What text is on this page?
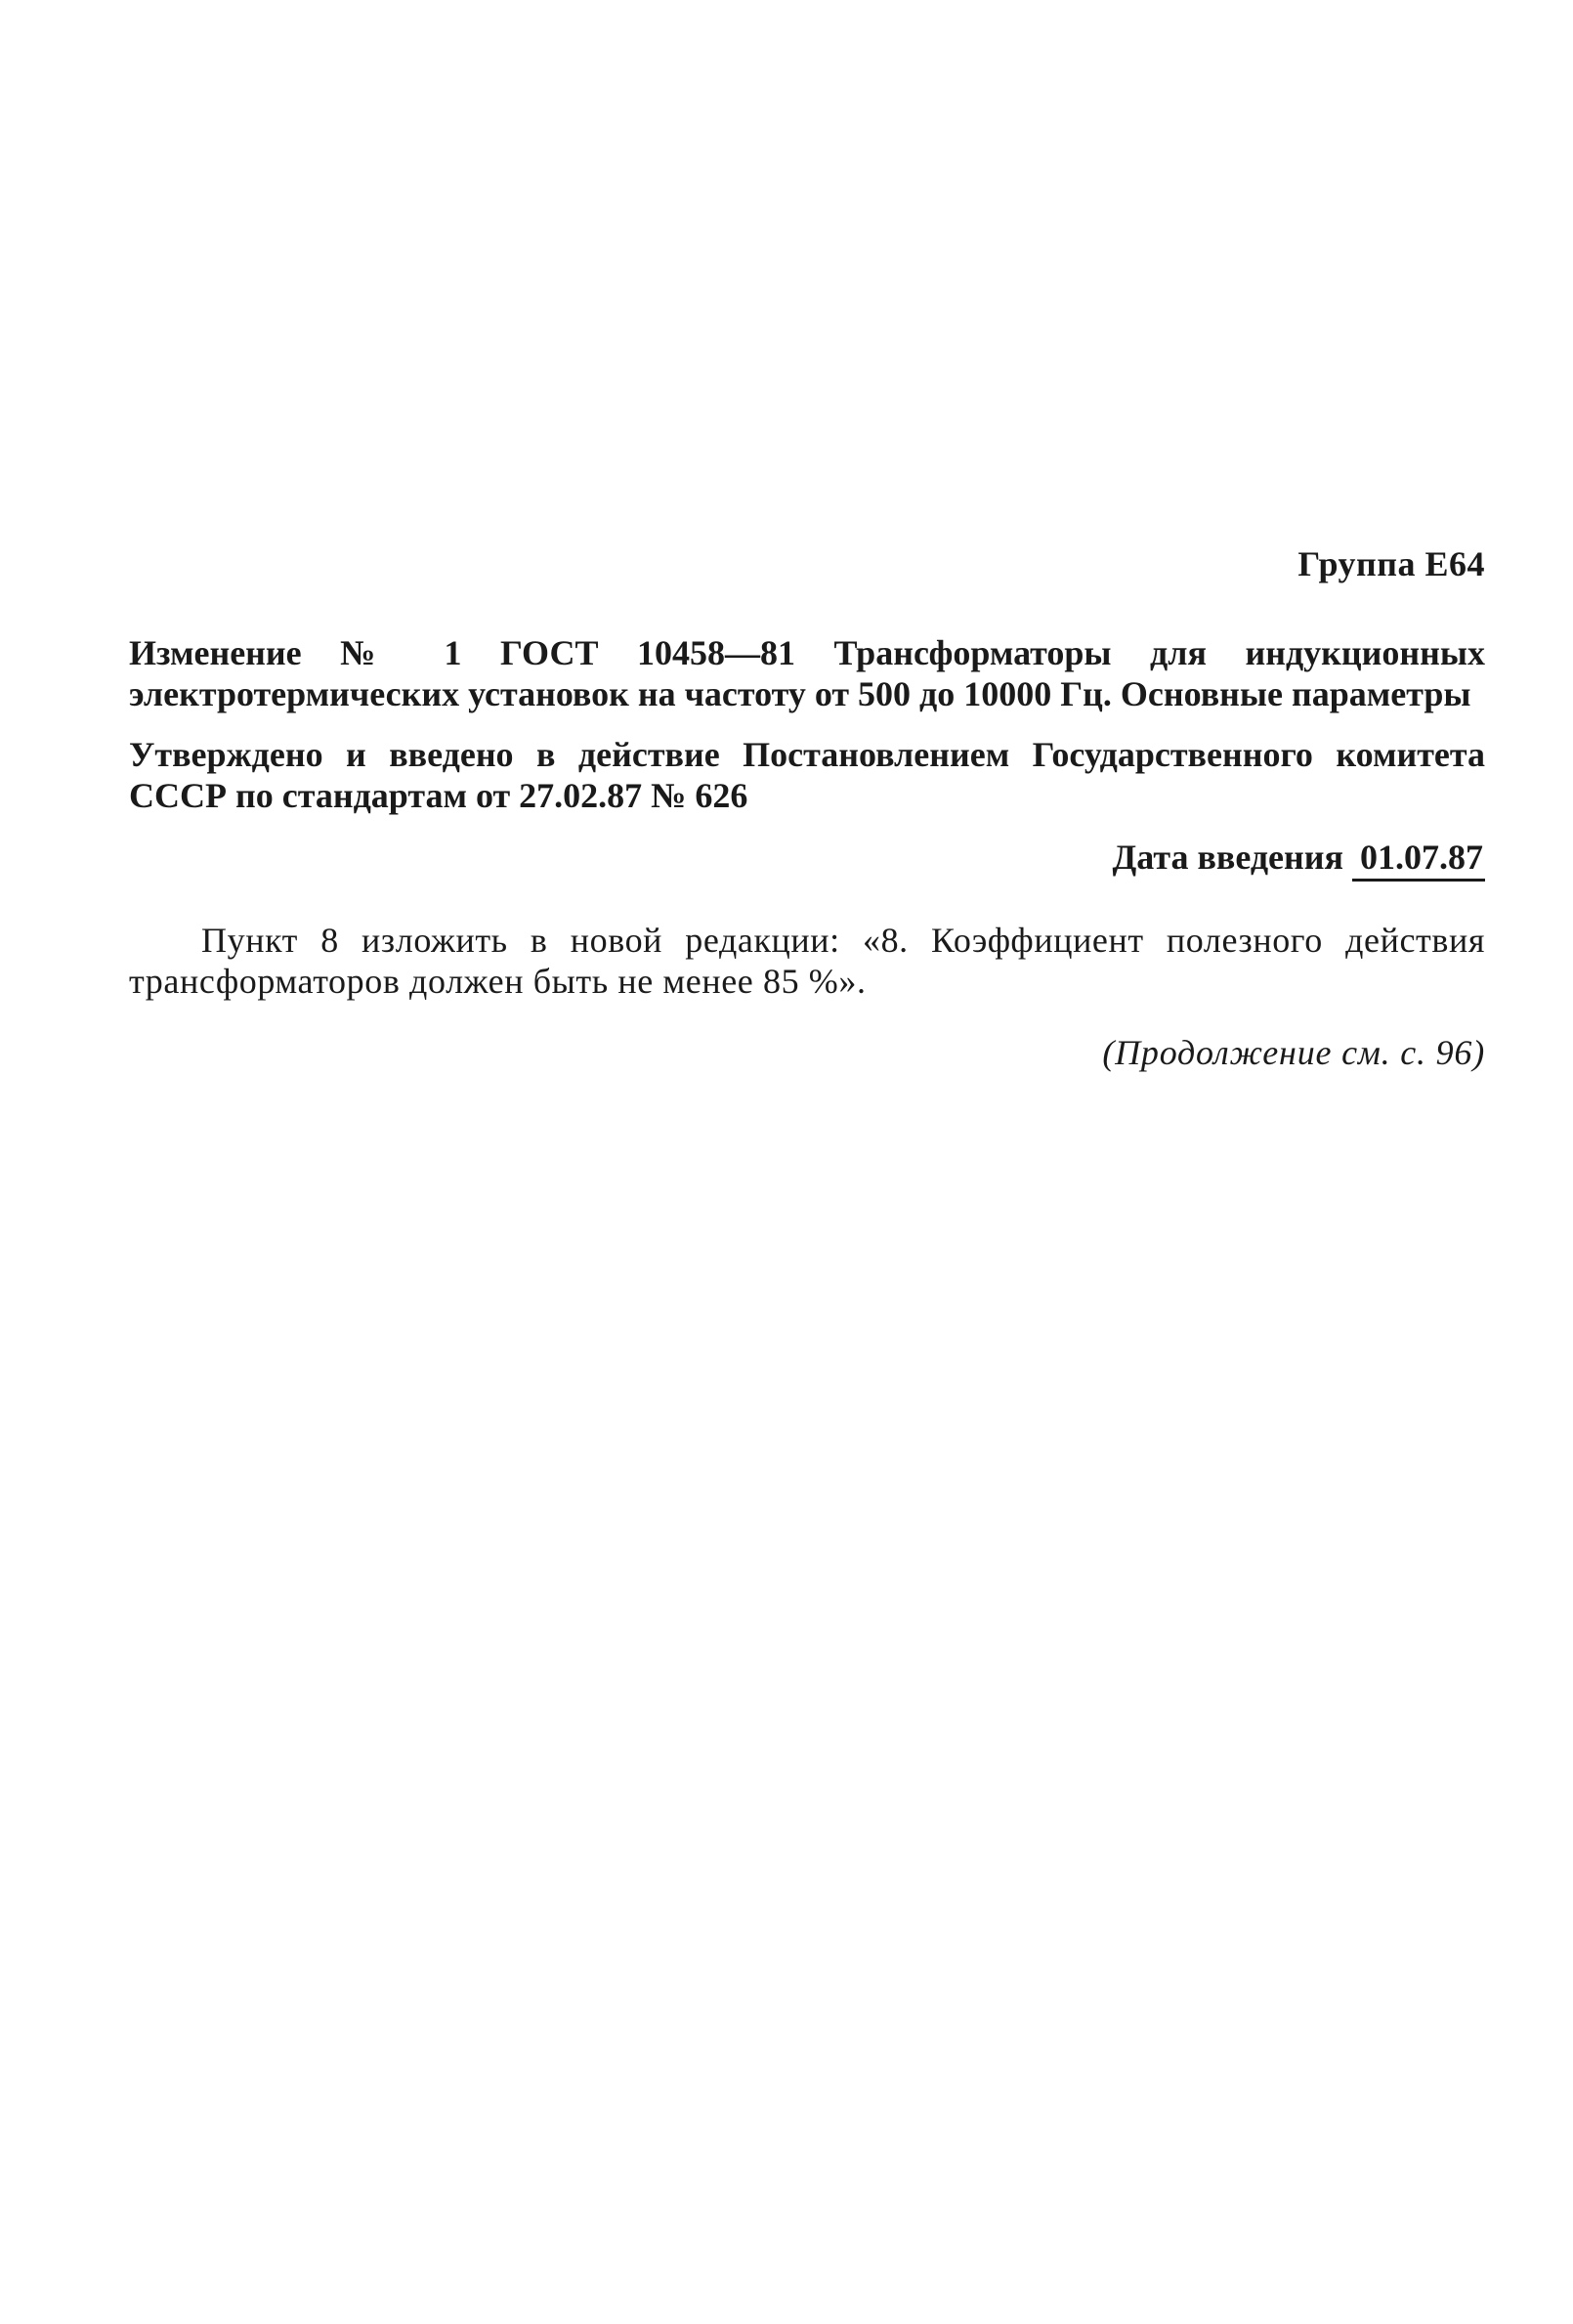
Группа Е64

Изменение № 1 ГОСТ 10458—81 Трансформаторы для индукционных электротермических установок на частоту от 500 до 10000 Гц. Основные параметры

Утверждено и введено в действие Постановлением Государственного комитета СССР по стандартам от 27.02.87 № 626

Дата введения 01.07.87

Пункт 8 изложить в новой редакции: «8. Коэффициент полезного действия трансформаторов должен быть не менее 85 %».

(Продолжение см. с. 96)
